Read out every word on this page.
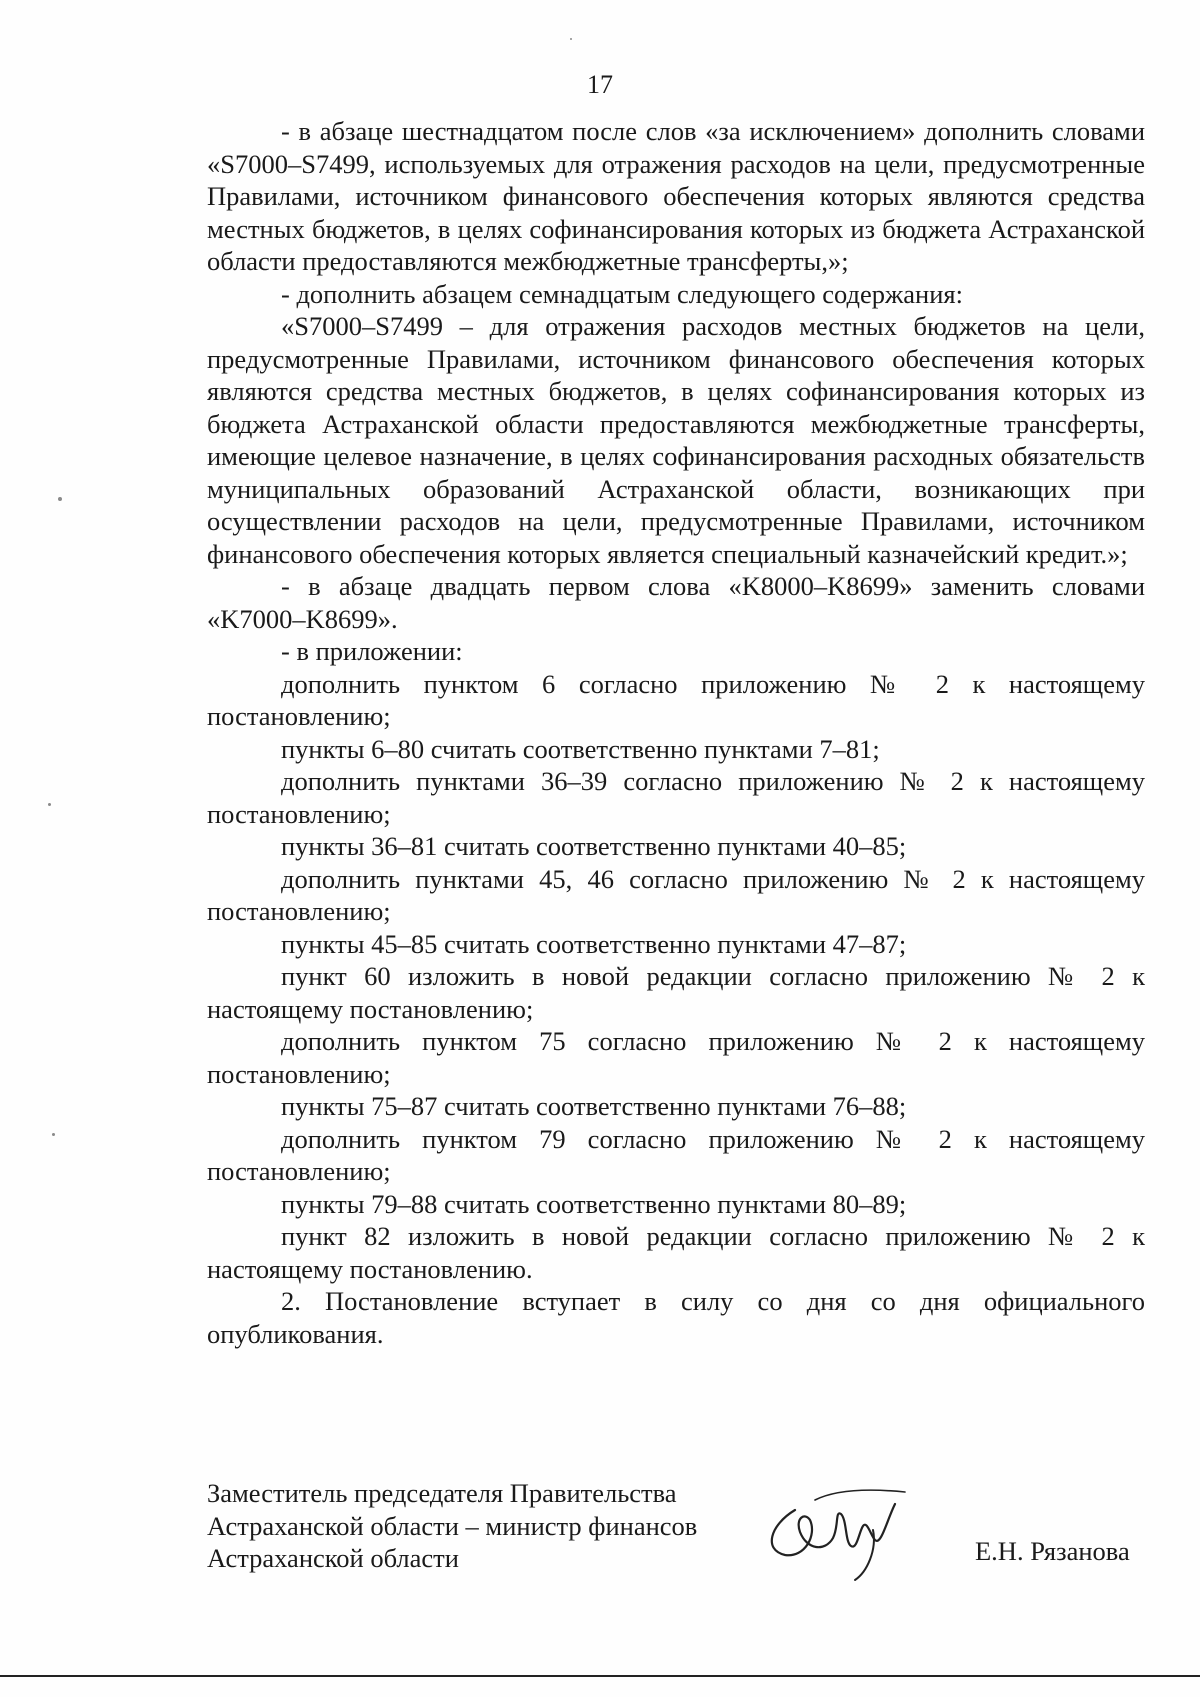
17

- в абзаце шестнадцатом после слов «за исключением» дополнить словами «S7000–S7499, используемых для отражения расходов на цели, предусмотренные Правилами, источником финансового обеспечения которых являются средства местных бюджетов, в целях софинансирования которых из бюджета Астраханской области предоставляются межбюджетные трансферты,»;

- дополнить абзацем семнадцатым следующего содержания:

«S7000–S7499 – для отражения расходов местных бюджетов на цели, предусмотренные Правилами, источником финансового обеспечения которых являются средства местных бюджетов, в целях софинансирования которых из бюджета Астраханской области предоставляются межбюджетные трансферты, имеющие целевое назначение, в целях софинансирования расходных обязательств муниципальных образований Астраханской области, возникающих при осуществлении расходов на цели, предусмотренные Правилами, источником финансового обеспечения которых является специальный казначейский кредит.»;

- в абзаце двадцать первом слова «K8000–K8699» заменить словами «K7000–K8699».

- в приложении:

дополнить пунктом 6 согласно приложению № 2 к настоящему постановлению;

пункты 6–80 считать соответственно пунктами 7–81;

дополнить пунктами 36–39 согласно приложению № 2 к настоящему постановлению;

пункты 36–81 считать соответственно пунктами 40–85;

дополнить пунктами 45, 46 согласно приложению № 2 к настоящему постановлению;

пункты 45–85 считать соответственно пунктами 47–87;

пункт 60 изложить в новой редакции согласно приложению № 2 к настоящему постановлению;

дополнить пунктом 75 согласно приложению № 2 к настоящему постановлению;

пункты 75–87 считать соответственно пунктами 76–88;

дополнить пунктом 79 согласно приложению № 2 к настоящему постановлению;

пункты 79–88 считать соответственно пунктами 80–89;

пункт 82 изложить в новой редакции согласно приложению № 2 к настоящему постановлению.

2. Постановление вступает в силу со дня со дня официального опубликования.

Заместитель председателя Правительства
Астраханской области – министр финансов
Астраханской области	Е.Н. Рязанова
